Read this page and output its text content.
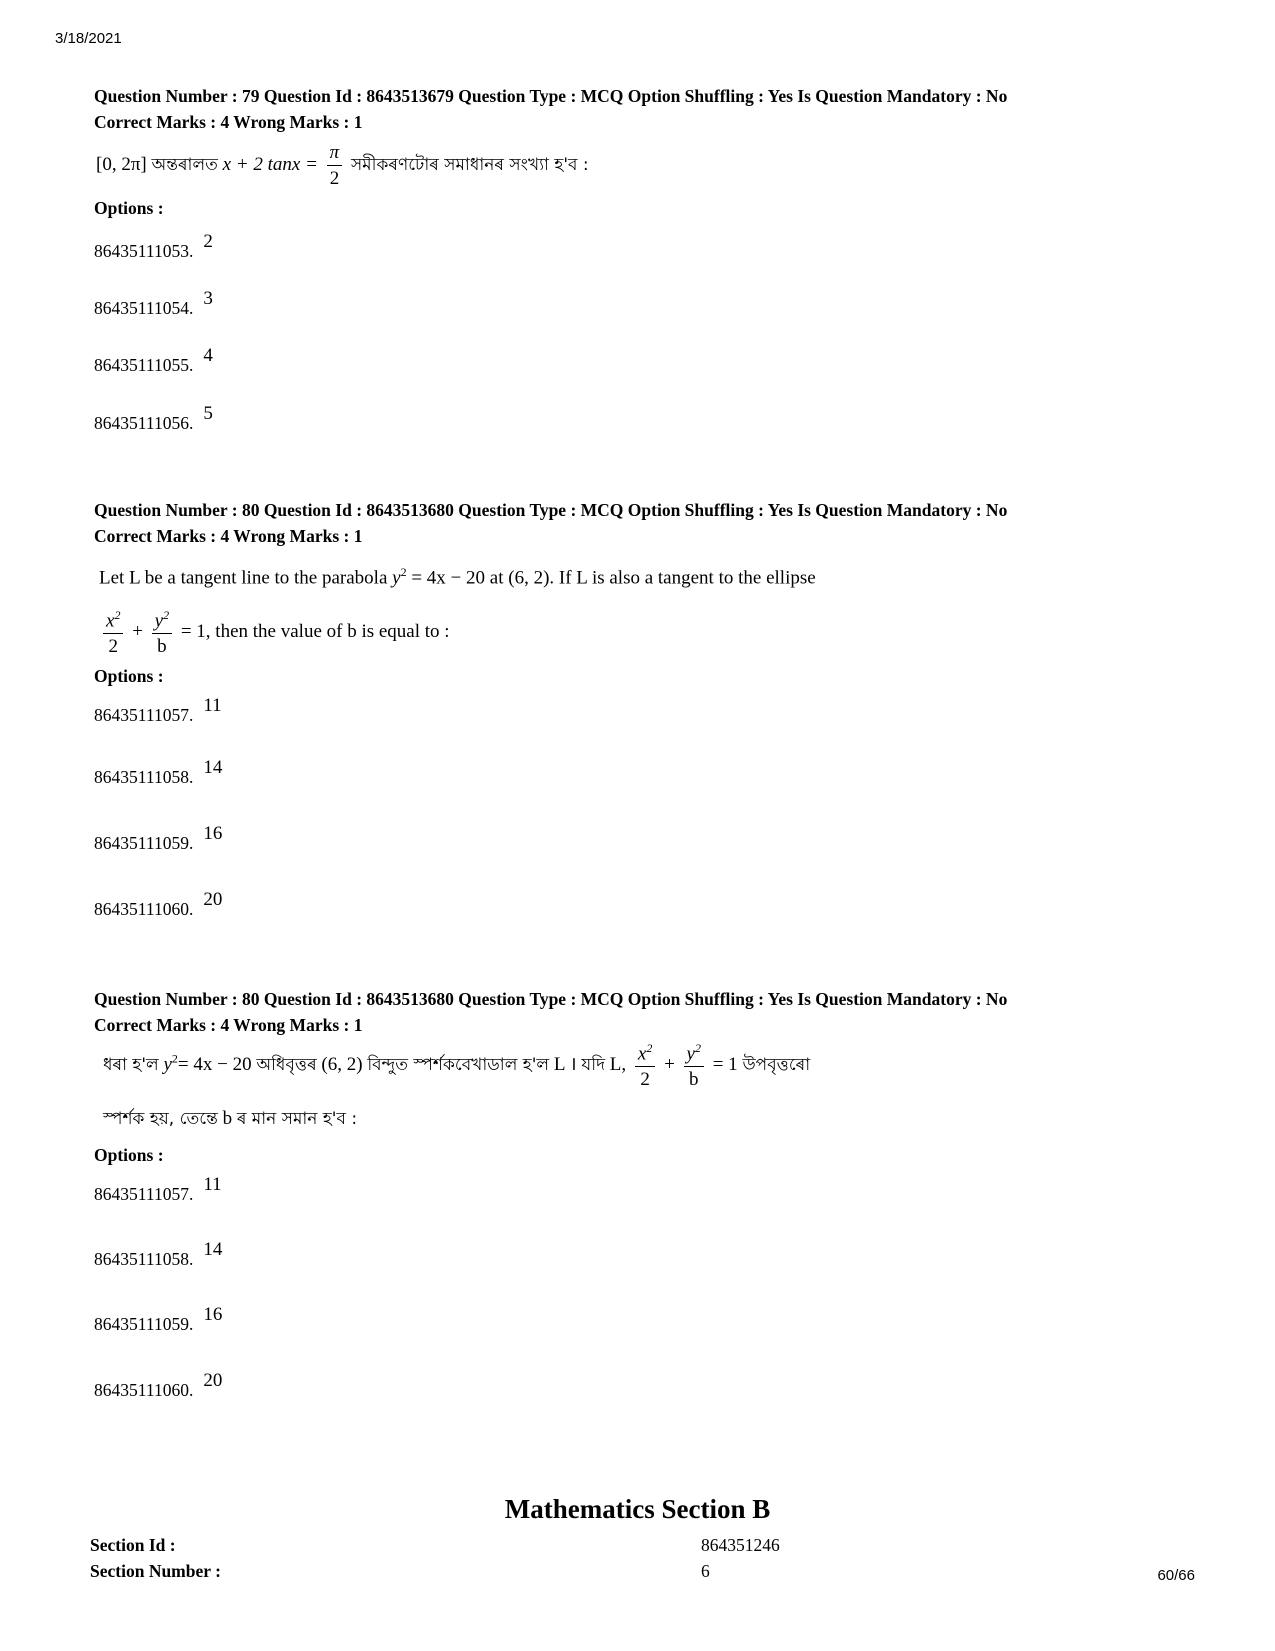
3/18/2021
Question Number : 79 Question Id : 8643513679 Question Type : MCQ Option Shuffling : Yes Is Question Mandatory : No
Correct Marks : 4 Wrong Marks : 1
[0, 2π] অন্তৰালত x + 2 $\tan x = \frac{\pi}{2}$ সমীকৰণটোৰ সমাধানৰ সংখ্যা হ'ব :
Options :
86435111053. 2
86435111054. 3
86435111055. 4
86435111056. 5
Question Number : 80 Question Id : 8643513680 Question Type : MCQ Option Shuffling : Yes Is Question Mandatory : No
Correct Marks : 4 Wrong Marks : 1
Let L be a tangent line to the parabola $y^2 = 4x - 20$ at (6, 2). If L is also a tangent to the ellipse
$\frac{x^2}{2} + \frac{y^2}{b} = 1$, then the value of b is equal to :
Options :
86435111057. 11
86435111058. 14
86435111059. 16
86435111060. 20
Question Number : 80 Question Id : 8643513680 Question Type : MCQ Option Shuffling : Yes Is Question Mandatory : No
Correct Marks : 4 Wrong Marks : 1
ধৰা হ'ল $y^2= 4x - 20$ অধিবৃত্তৰ (6, 2) বিন্দুত স্পৰ্শকবেখাডাল হ'ল L । যদি L, $\frac{x^2}{2} + \frac{y^2}{b} = 1$ উপবৃত্তৰো
স্পৰ্শক হয়, তেন্তে b ৰ মান সমান হ'ব :
Options :
86435111057. 11
86435111058. 14
86435111059. 16
86435111060. 20
Mathematics Section B
Section Id :	864351246
Section Number :	6	60/66
